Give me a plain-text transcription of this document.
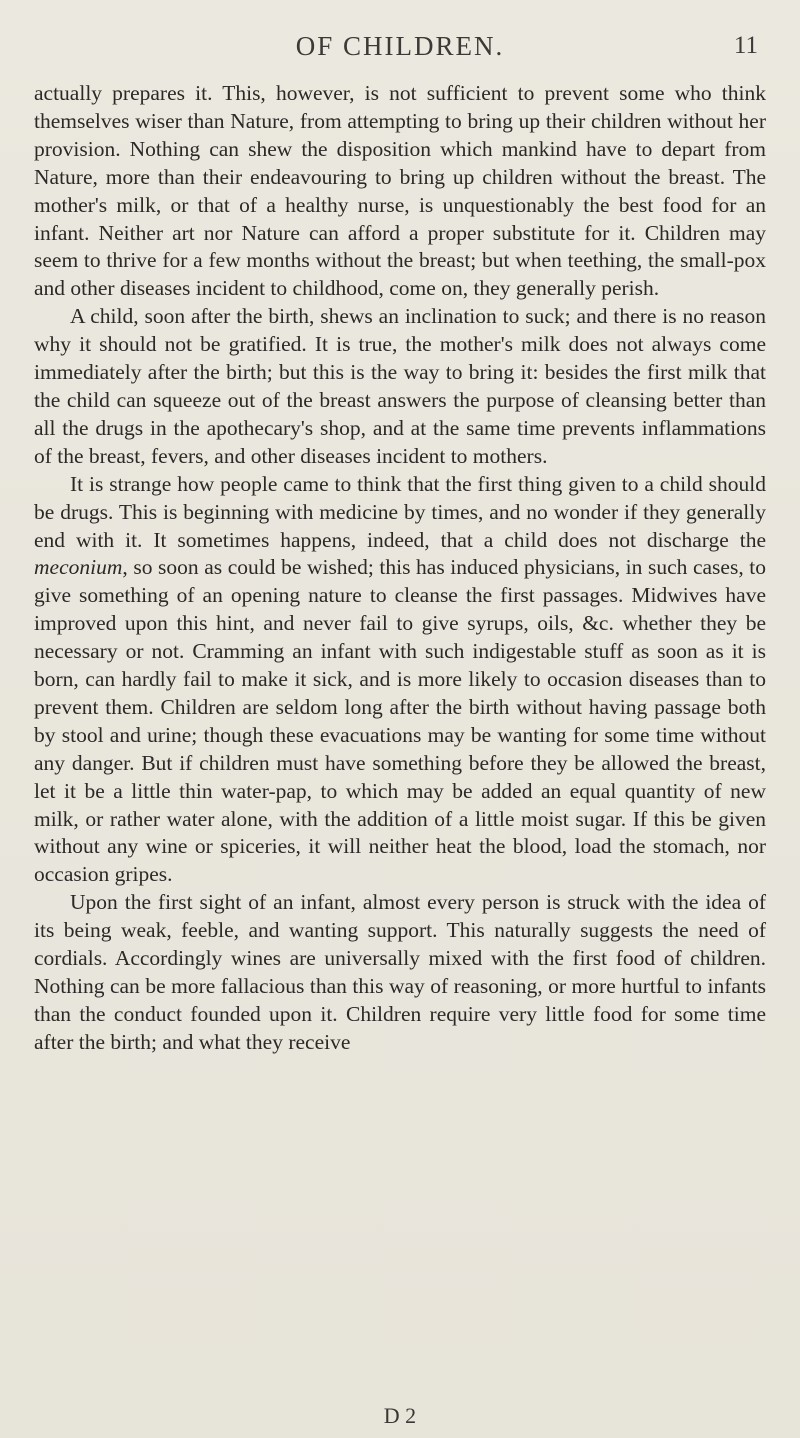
OF CHILDREN.	11

actually prepares it. This, however, is not sufficient to prevent some who think themselves wiser than Nature, from attempting to bring up their children without her provision. Nothing can shew the disposition which mankind have to depart from Nature, more than their endeavouring to bring up children without the breast. The mother's milk, or that of a healthy nurse, is unquestionably the best food for an infant. Neither art nor Nature can afford a proper substitute for it. Children may seem to thrive for a few months without the breast; but when teething, the small-pox and other diseases incident to childhood, come on, they generally perish.

A child, soon after the birth, shews an inclination to suck; and there is no reason why it should not be gratified. It is true, the mother's milk does not always come immediately after the birth; but this is the way to bring it: besides the first milk that the child can squeeze out of the breast answers the purpose of cleansing better than all the drugs in the apothecary's shop, and at the same time prevents inflammations of the breast, fevers, and other diseases incident to mothers.

It is strange how people came to think that the first thing given to a child should be drugs. This is beginning with medicine by times, and no wonder if they generally end with it. It sometimes happens, indeed, that a child does not discharge the meconium, so soon as could be wished; this has induced physicians, in such cases, to give something of an opening nature to cleanse the first passages. Midwives have improved upon this hint, and never fail to give syrups, oils, &c. whether they be necessary or not. Cramming an infant with such indigestable stuff as soon as it is born, can hardly fail to make it sick, and is more likely to occasion diseases than to prevent them. Children are seldom long after the birth without having passage both by stool and urine; though these evacuations may be wanting for some time without any danger. But if children must have something before they be allowed the breast, let it be a little thin water-pap, to which may be added an equal quantity of new milk, or rather water alone, with the addition of a little moist sugar. If this be given without any wine or spiceries, it will neither heat the blood, load the stomach, nor occasion gripes.

Upon the first sight of an infant, almost every person is struck with the idea of its being weak, feeble, and wanting support. This naturally suggests the need of cordials. Accordingly wines are universally mixed with the first food of children. Nothing can be more fallacious than this way of reasoning, or more hurtful to infants than the conduct founded upon it. Children require very little food for some time after the birth; and what they receive

D 2
